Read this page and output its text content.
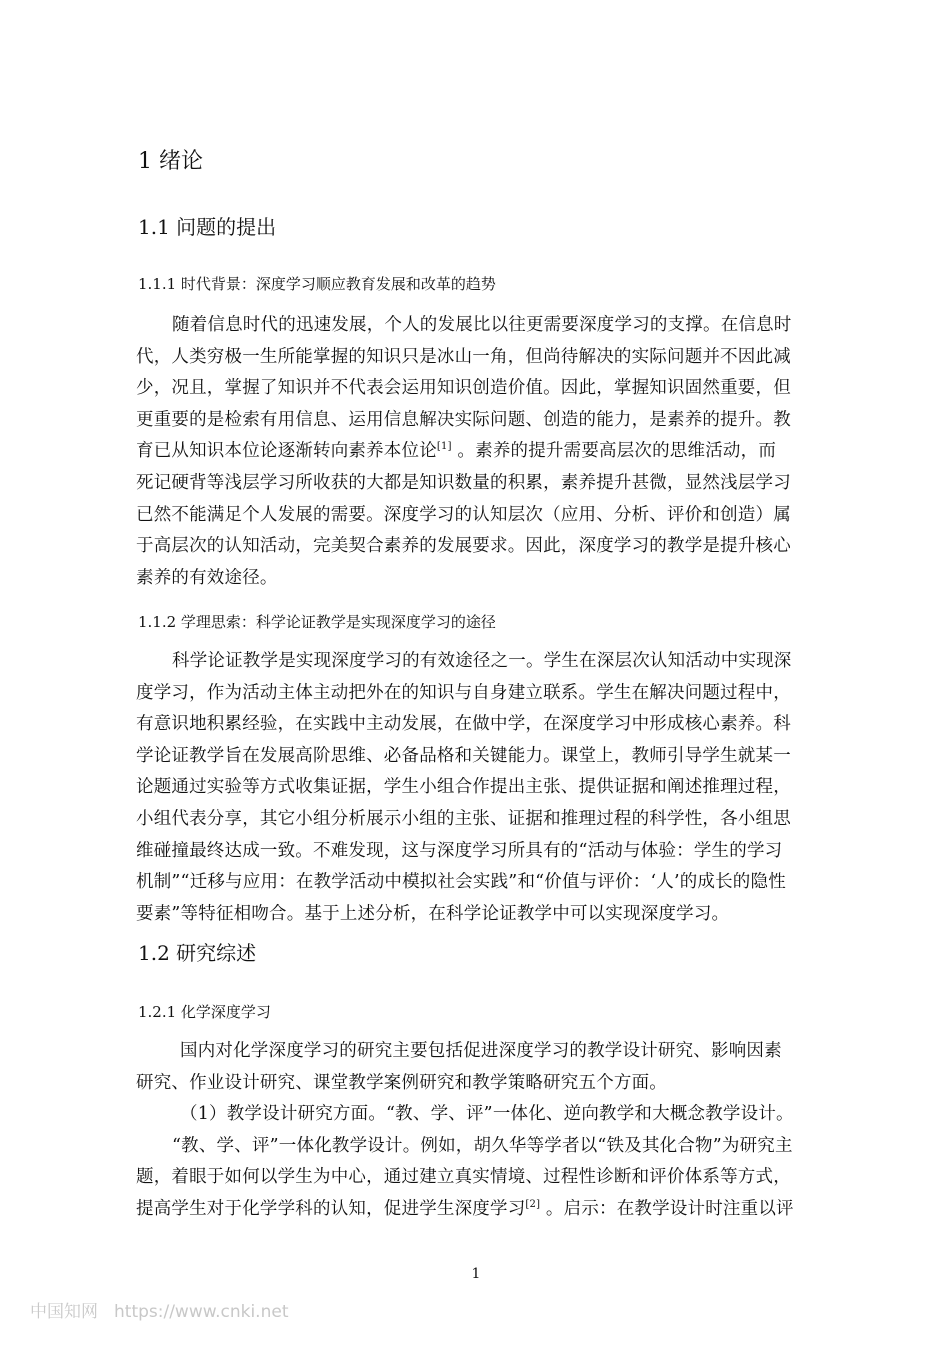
1 绪论
1.1 问题的提出
1.1.1 时代背景：深度学习顺应教育发展和改革的趋势
随着信息时代的迅速发展，个人的发展比以往更需要深度学习的支撑。在信息时
代，人类穷极一生所能掌握的知识只是冰山一角，但尚待解决的实际问题并不因此减
少，况且，掌握了知识并不代表会运用知识创造价值。因此，掌握知识固然重要，但
更重要的是检索有用信息、运用信息解决实际问题、创造的能力，是素养的提升。教
育已从知识本位论逐渐转向素养本位论[1] 。素养的提升需要高层次的思维活动，而
死记硬背等浅层学习所收获的大都是知识数量的积累，素养提升甚微，显然浅层学习
已然不能满足个人发展的需要。深度学习的认知层次（应用、分析、评价和创造）属
于高层次的认知活动，完美契合素养的发展要求。因此，深度学习的教学是提升核心
素养的有效途径。
1.1.2 学理思索：科学论证教学是实现深度学习的途径
科学论证教学是实现深度学习的有效途径之一。学生在深层次认知活动中实现深
度学习，作为活动主体主动把外在的知识与自身建立联系。学生在解决问题过程中，
有意识地积累经验，在实践中主动发展，在做中学，在深度学习中形成核心素养。科
学论证教学旨在发展高阶思维、必备品格和关键能力。课堂上，教师引导学生就某一
论题通过实验等方式收集证据，学生小组合作提出主张、提供证据和阐述推理过程，
小组代表分享，其它小组分析展示小组的主张、证据和推理过程的科学性，各小组思
维碰撞最终达成一致。不难发现，这与深度学习所具有的“活动与体验：学生的学习
机制”“迁移与应用：在教学活动中模拟社会实践”和“价值与评价：‘人’的成长的隐性
要素”等特征相吻合。基于上述分析，在科学论证教学中可以实现深度学习。
1.2 研究综述
1.2.1 化学深度学习
国内对化学深度学习的研究主要包括促进深度学习的教学设计研究、影响因素
研究、作业设计研究、课堂教学案例研究和教学策略研究五个方面。
（1）教学设计研究方面。“教、学、评”一体化、逆向教学和大概念教学设计。
“教、学、评”一体化教学设计。例如，胡久华等学者以“铁及其化合物”为研究主
题，着眼于如何以学生为中心，通过建立真实情境、过程性诊断和评价体系等方式，
提高学生对于化学学科的认知，促进学生深度学习[2] 。启示：在教学设计时注重以评
1
中国知网 https://www.cnki.net
